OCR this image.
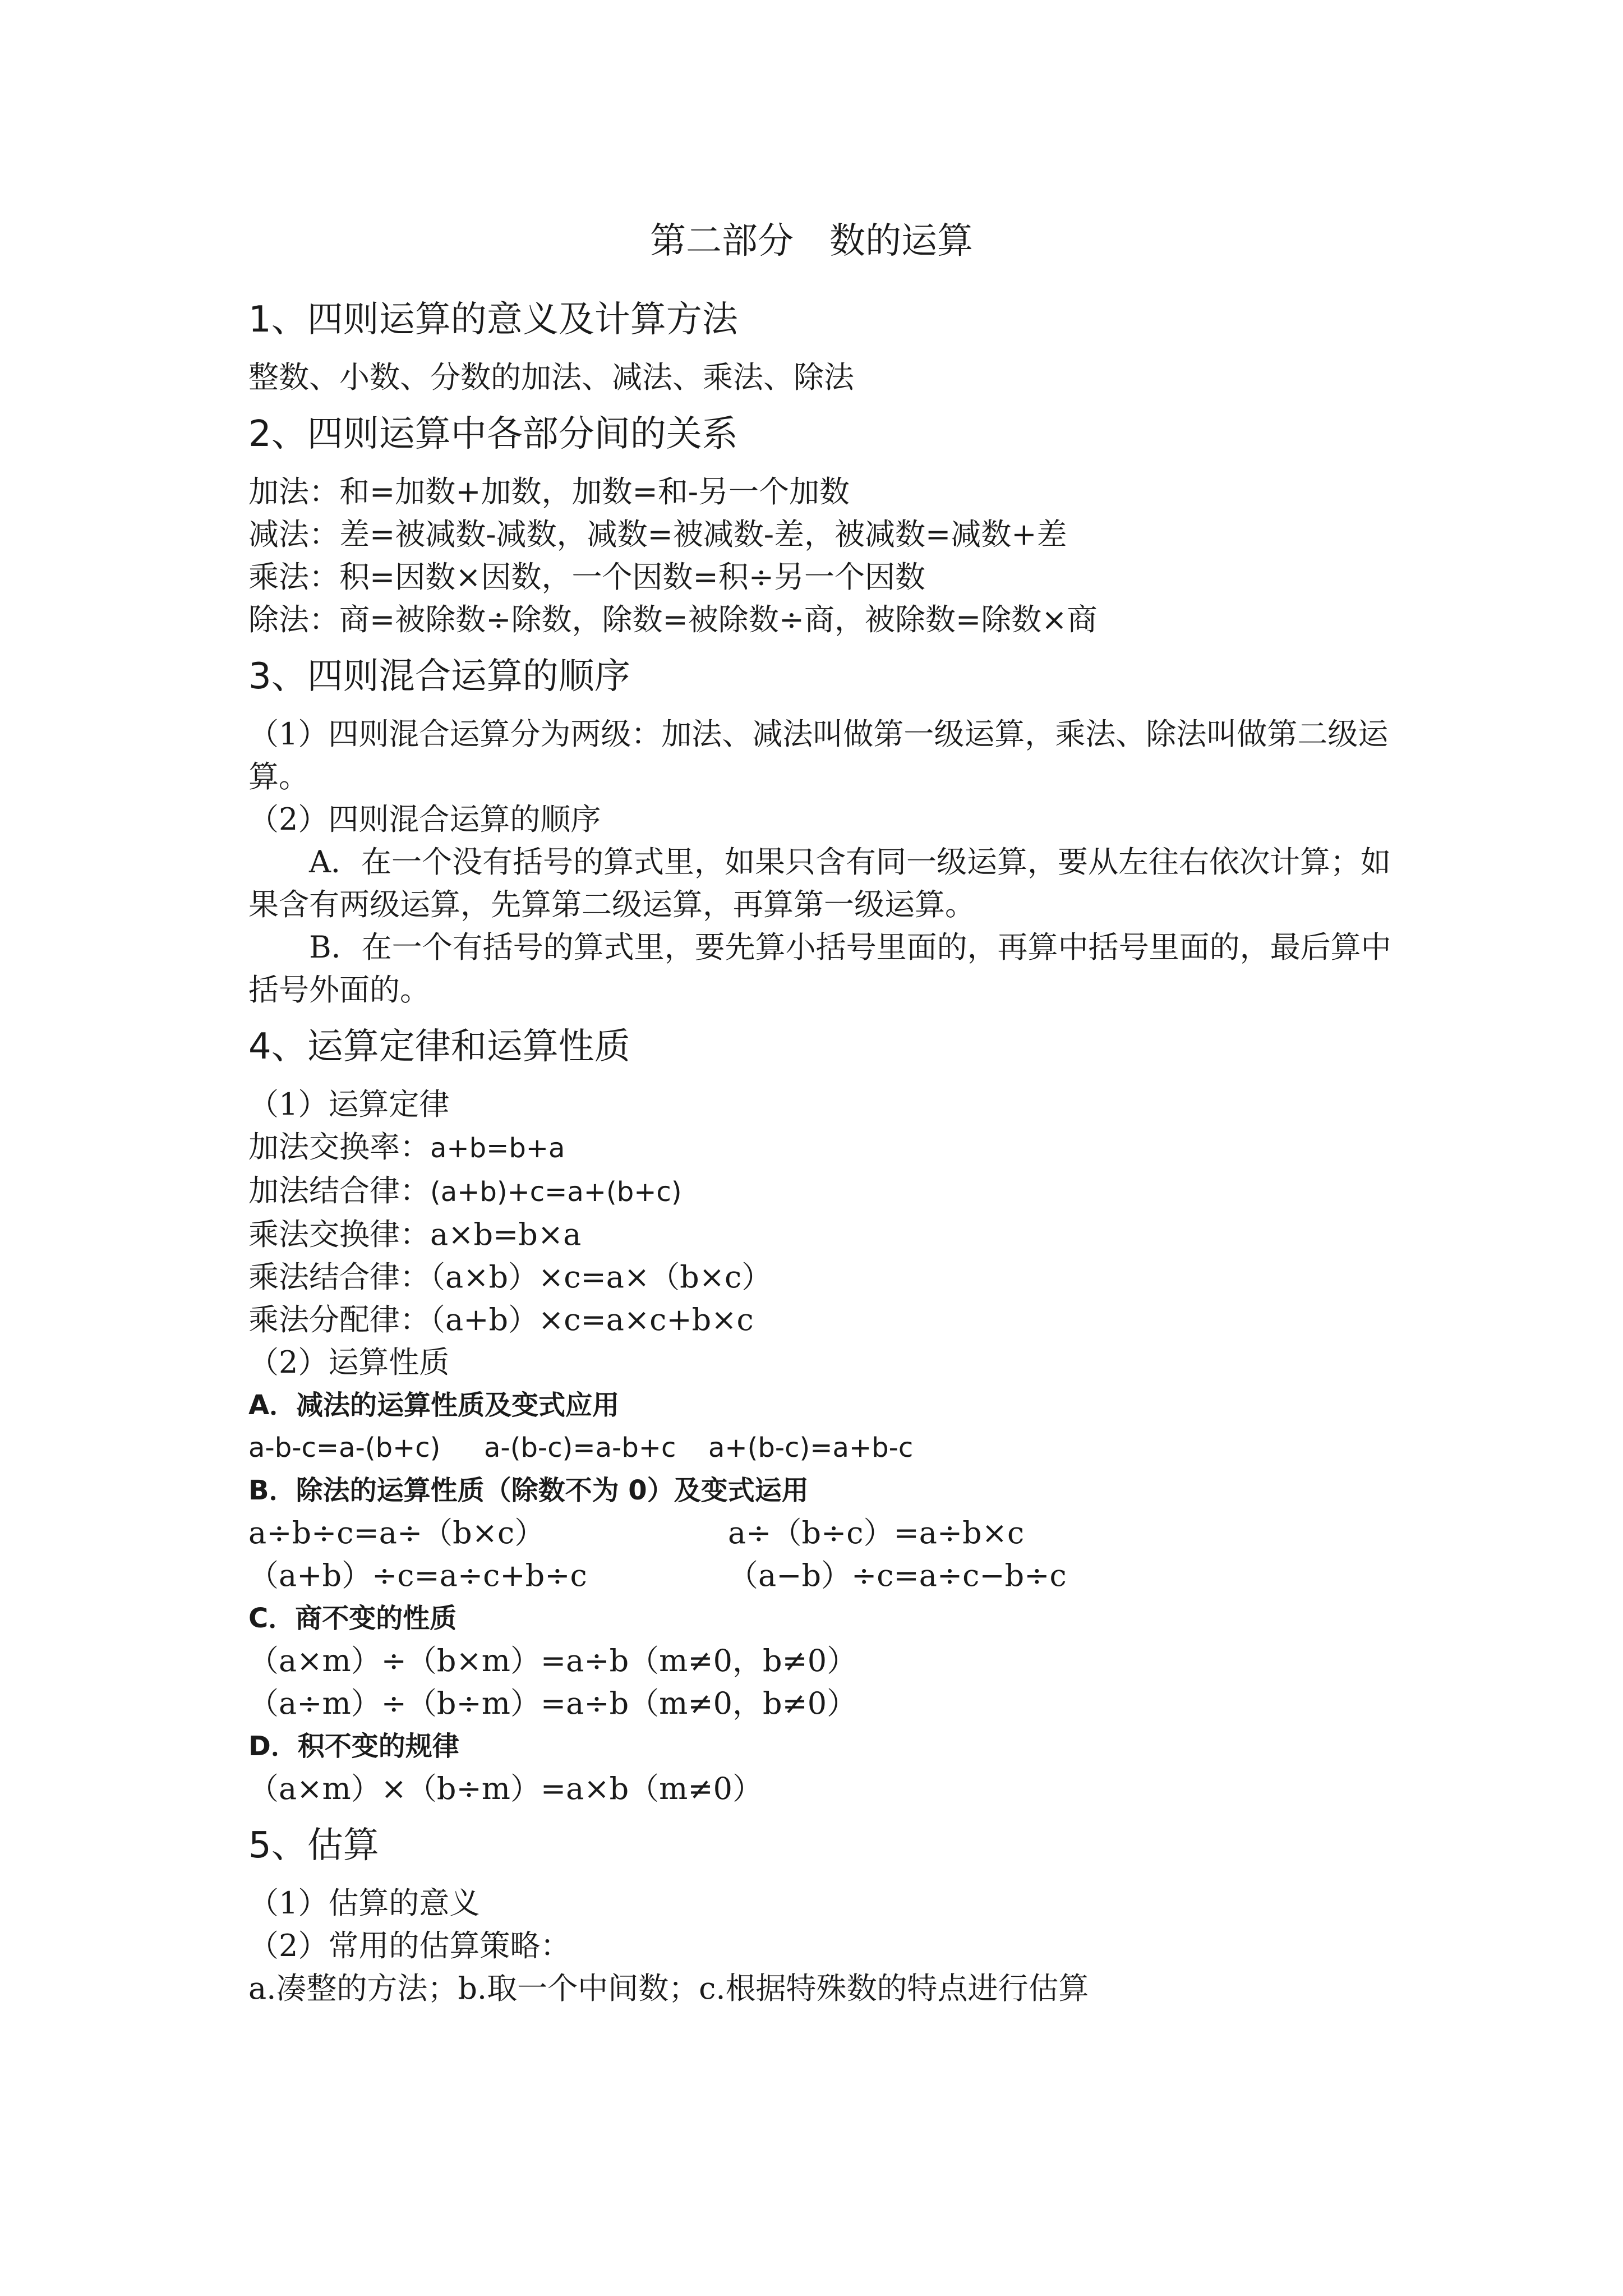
第二部分　数的运算
1、四则运算的意义及计算方法
整数、小数、分数的加法、减法、乘法、除法
2、四则运算中各部分间的关系
加法：和=加数+加数，加数=和-另一个加数
减法：差=被减数-减数，减数=被减数-差，被减数=减数+差
乘法：积=因数×因数，一个因数=积÷另一个因数
除法：商=被除数÷除数，除数=被除数÷商，被除数=除数×商
3、四则混合运算的顺序
（1）四则混合运算分为两级：加法、减法叫做第一级运算，乘法、除法叫做第二级运算。
（2）四则混合运算的顺序
A．在一个没有括号的算式里，如果只含有同一级运算，要从左往右依次计算；如果含有两级运算，先算第二级运算，再算第一级运算。
B．在一个有括号的算式里，要先算小括号里面的，再算中括号里面的，最后算中括号外面的。
4、运算定律和运算性质
（1）运算定律
加法交换率：a+b=b+a
加法结合律：(a+b)+c=a+(b+c)
乘法交换律：a×b=b×a
乘法结合律：（a×b）×c=a×（b×c）
乘法分配律：（a+b）×c=a×c+b×c
（2）运算性质
A．减法的运算性质及变式应用
a-b-c=a-(b+c)	a-(b-c)=a-b+c	a+(b-c)=a+b-c
B．除法的运算性质（除数不为 0）及变式运用
a÷b÷c=a÷（b×c）	a÷（b÷c）=a÷b×c
（a+b）÷c=a÷c+b÷c	（a−b）÷c=a÷c−b÷c
C．商不变的性质
（a×m）÷（b×m）=a÷b（m≠0，b≠0）
（a÷m）÷（b÷m）=a÷b（m≠0，b≠0）
D．积不变的规律
（a×m）×（b÷m）=a×b（m≠0）
5、估算
（1）估算的意义
（2）常用的估算策略：
a.凑整的方法；b.取一个中间数；c.根据特殊数的特点进行估算
